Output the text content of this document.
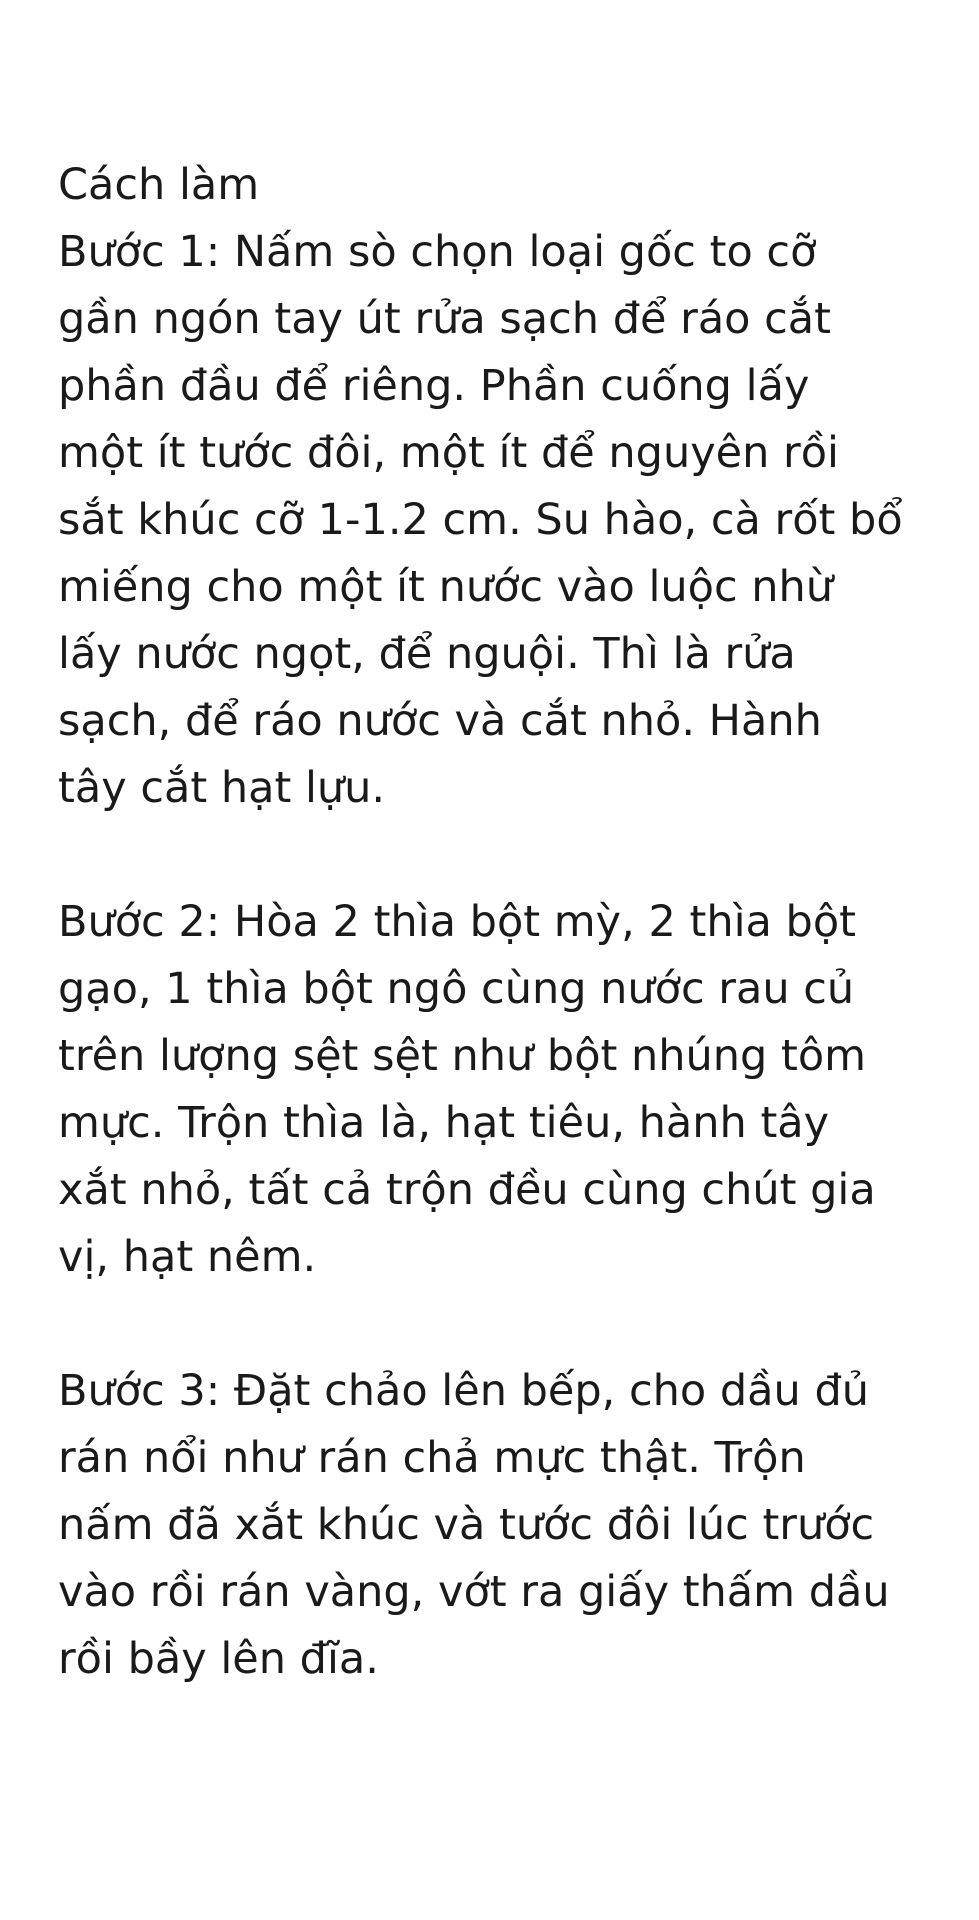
Cách làm
Bước 1: Nấm sò chọn loại gốc to cỡ
gần ngón tay út rửa sạch để ráo cắt
phần đầu để riêng. Phần cuống lấy
một ít tước đôi, một ít để nguyên rồi
sắt khúc cỡ 1-1.2 cm. Su hào, cà rốt bổ
miếng cho một ít nước vào luộc nhừ
lấy nước ngọt, để nguội. Thì là rửa
sạch, để ráo nước và cắt nhỏ. Hành
tây cắt hạt lựu.
Bước 2: Hòa 2 thìa bột mỳ, 2 thìa bột
gạo, 1 thìa bột ngô cùng nước rau củ
trên lượng sệt sệt như bột nhúng tôm
mực. Trộn thìa là, hạt tiêu, hành tây
xắt nhỏ, tất cả trộn đều cùng chút gia
vị, hạt nêm.
Bước 3: Đặt chảo lên bếp, cho dầu đủ
rán nổi như rán chả mực thật. Trộn
nấm đã xắt khúc và tước đôi lúc trước
vào rồi rán vàng, vớt ra giấy thấm dầu
rồi bầy lên đĩa.
